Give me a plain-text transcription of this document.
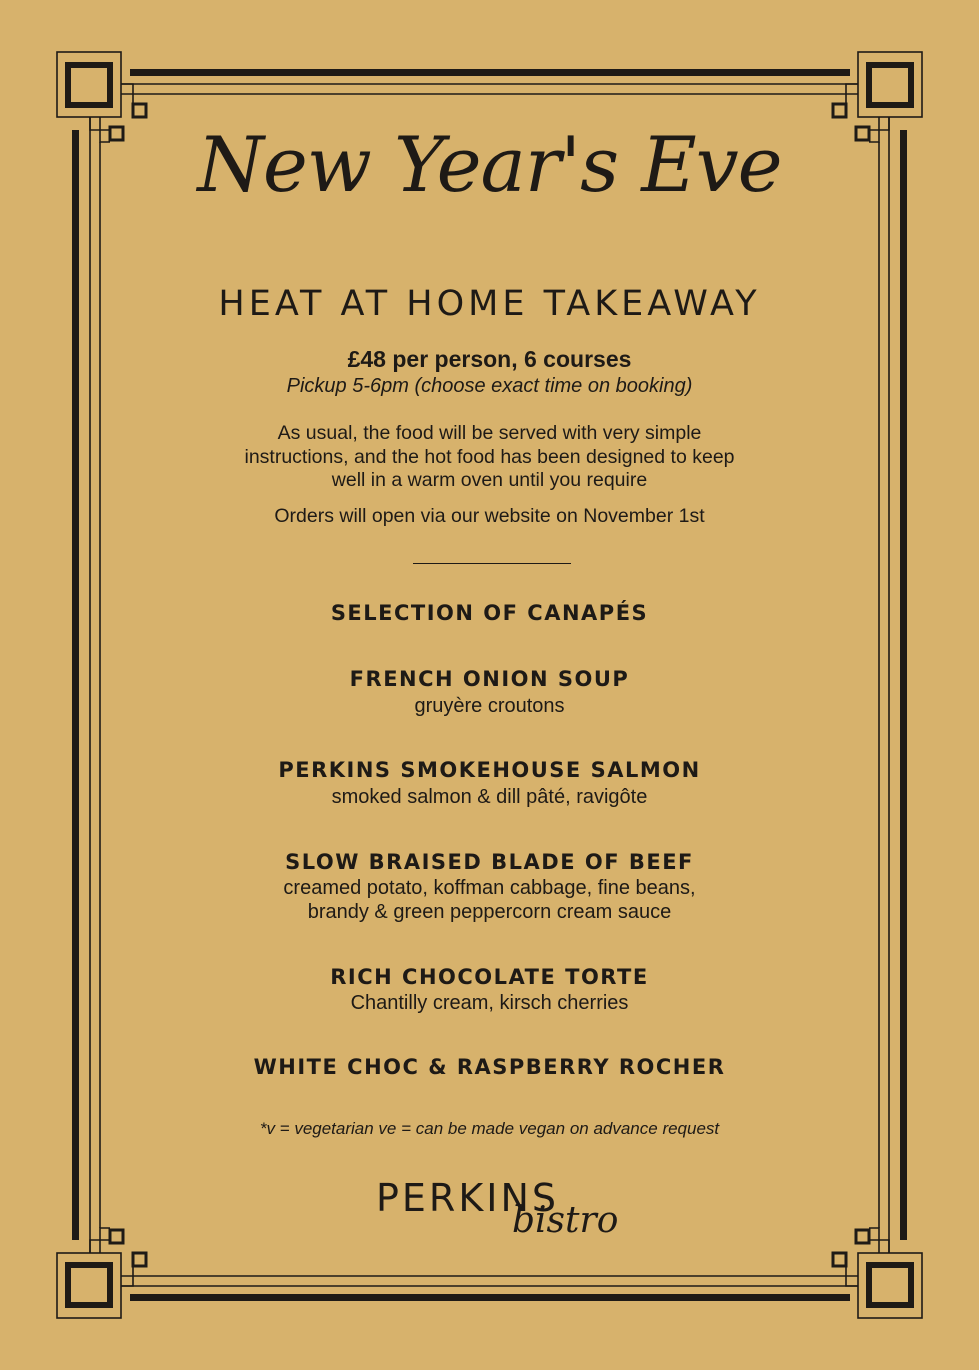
New Year's Eve
HEAT AT HOME TAKEAWAY
£48 per person, 6 courses
Pickup 5-6pm (choose exact time on booking)
As usual, the food will be served with very simple
instructions, and the hot food has been designed to keep
well in a warm oven until you require
Orders will open via our website on November 1st
SELECTION OF CANAPÉS
FRENCH ONION SOUP
gruyère croutons
PERKINS SMOKEHOUSE SALMON
smoked salmon & dill pâté, ravigôte
SLOW BRAISED BLADE OF BEEF
creamed potato, koffman cabbage, fine beans,
brandy & green peppercorn cream sauce
RICH CHOCOLATE TORTE
Chantilly cream, kirsch cherries
WHITE CHOC & RASPBERRY ROCHER
*v = vegetarian ve = can be made vegan on advance request
PERKINS
bistro
